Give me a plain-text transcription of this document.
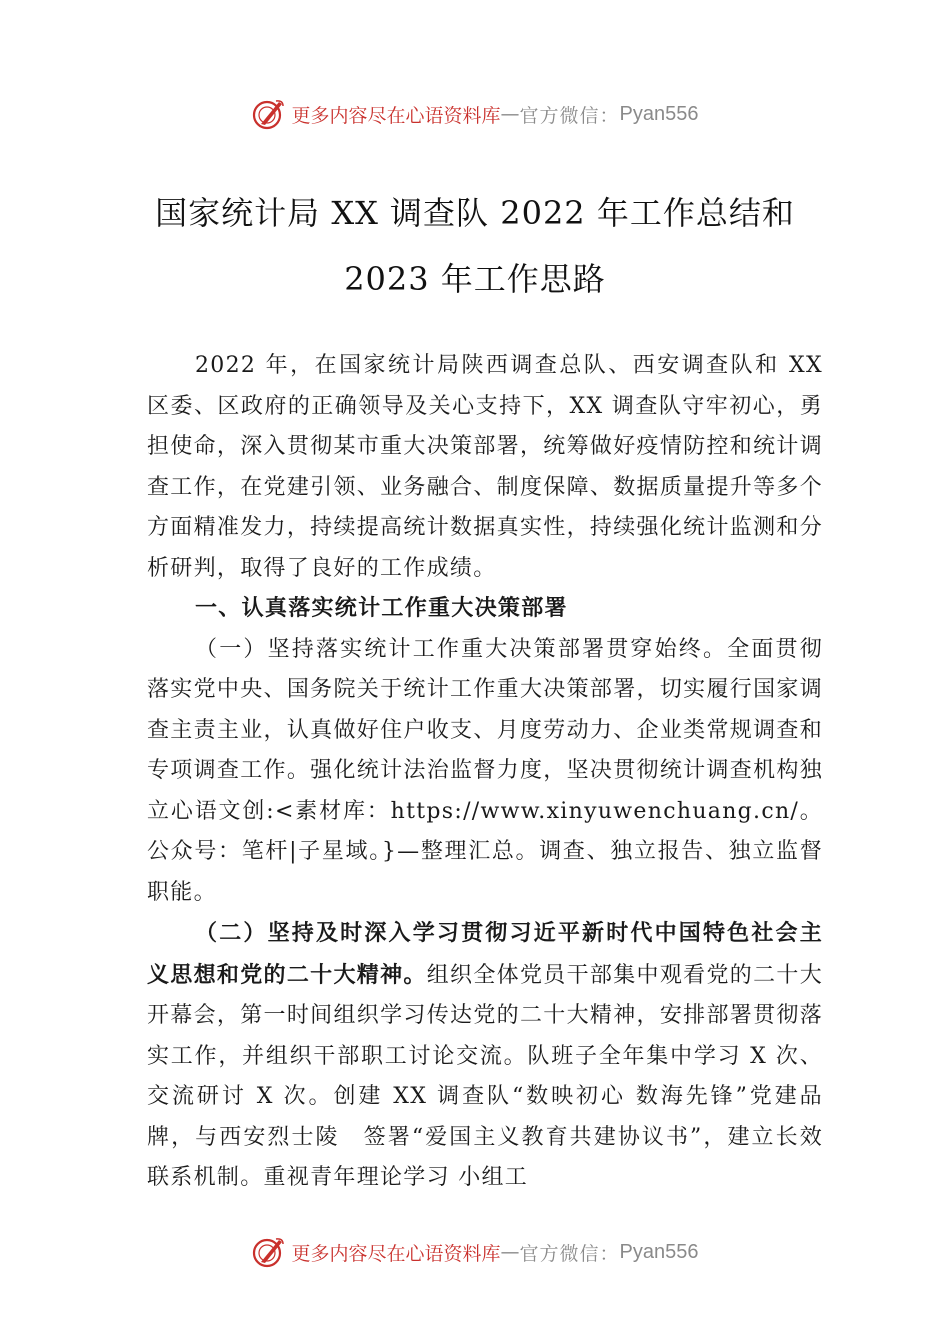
更多内容尽在心语资料库 — 官方微信： Pyan556
国家统计局 XX 调查队 2022 年工作总结和
2023 年工作思路

2022 年，在国家统计局陕西调查总队、西安调查队和 XX 区委、区政府的正确领导及关心支持下，XX 调查队守牢初心，勇担使命，深入贯彻某市重大决策部署，统筹做好疫情防控和统计调查工作，在党建引领、业务融合、制度保障、数据质量提升等多个方面精准发力，持续提高统计数据真实性，持续强化统计监测和分析研判，取得了良好的工作成绩。

一、认真落实统计工作重大决策部署

（一）坚持落实统计工作重大决策部署贯穿始终。全面贯彻落实党中央、国务院关于统计工作重大决策部署，切实履行国家调查主责主业，认真做好住户收支、月度劳动力、企业类常规调查和专项调查工作。强化统计法治监督力度，坚决贯彻统计调查机构独立心语文创:<素材库：https://www.xinyuwenchuang.cn/。公众号：笔杆|子星域。}—整理汇总。调查、独立报告、独立监督职能。

（二）坚持及时深入学习贯彻习近平新时代中国特色社会主义思想和党的二十大精神。组织全体党员干部集中观看党的二十大开幕会，第一时间组织学习传达党的二十大精神，安排部署贯彻落实工作，并组织干部职工讨论交流。队班子全年集中学习 X 次、交流研讨 X 次。创建 XX 调查队“数映初心 数海先锋”党建品牌，与西安烈士陵　签署“爱国主义教育共建协议书”，建立长效联系机制。重视青年理论学习 小组工

更多内容尽在心语资料库 — 官方微信： Pyan556
